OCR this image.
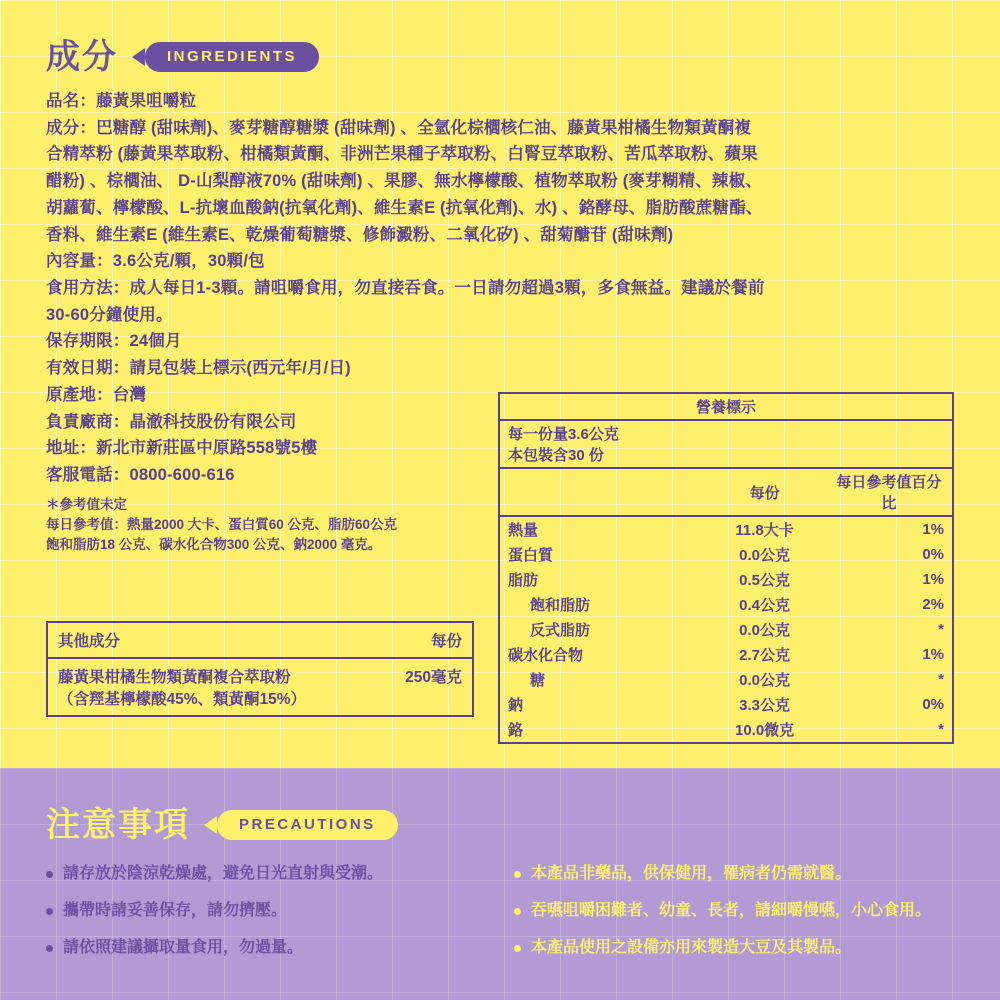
成分	INGREDIENTS

品名：藤黃果咀嚼粒

成分：巴糖醇 (甜味劑)、麥芽糖醇糖漿 (甜味劑) 、全氫化棕櫚核仁油、藤黃果柑橘生物類黃酮複

合精萃粉 (藤黃果萃取粉、柑橘類黃酮、非洲芒果種子萃取粉、白腎豆萃取粉、苦瓜萃取粉、蘋果

醋粉) 、棕櫚油、 D-山梨醇液70% (甜味劑) 、果膠、無水檸檬酸、植物萃取粉 (麥芽糊精、辣椒、

胡蘿蔔、檸檬酸、L-抗壞血酸鈉(抗氧化劑)、維生素E (抗氧化劑)、水) 、鉻酵母、脂肪酸蔗糖酯、

香料、維生素E (維生素E、乾燥葡萄糖漿、修飾澱粉、二氧化矽) 、甜菊醣苷 (甜味劑)

內容量：3.6公克/顆，30顆/包

食用方法：成人每日1-3顆。請咀嚼食用，勿直接吞食。一日請勿超過3顆，多食無益。建議於餐前

30-60分鐘使用。

保存期限：24個月

有效日期：請見包裝上標示(西元年/月/日)

原產地：台灣

負責廠商：晶澈科技股份有限公司

地址：新北市新莊區中原路558號5樓

客服電話：0800-600-616

＊參考值未定
每日參考值：熱量2000 大卡、蛋白質60 公克、脂肪60公克
飽和脂肪18 公克、碳水化合物300 公克、鈉2000 毫克。
其他成分	每份
藤黃果柑橘生物類黃酮複合萃取粉	250毫克
（含羥基檸檬酸45%、類黃酮15%）	
營養標示		
每一份量3.6公克		
本包裝含30 份		
	每份	每日參考值百分比
熱量	11.8大卡	1%
蛋白質	0.0公克	0%
脂肪	0.5公克	1%
飽和脂肪	0.4公克	2%
反式脂肪	0.0公克	*
碳水化合物	2.7公克	1%
糖	0.0公克	*
鈉	3.3公克	0%
鉻	10.0微克	*
注意事項	PRECAUTIONS
請存放於陰涼乾燥處，避免日光直射與受潮。
攜帶時請妥善保存，請勿擠壓。
請依照建議攝取量食用，勿過量。
本產品非藥品，供保健用，罹病者仍需就醫。
吞嚥咀嚼困難者、幼童、長者，請細嚼慢嚥，小心食用。
本產品使用之設備亦用來製造大豆及其製品。
